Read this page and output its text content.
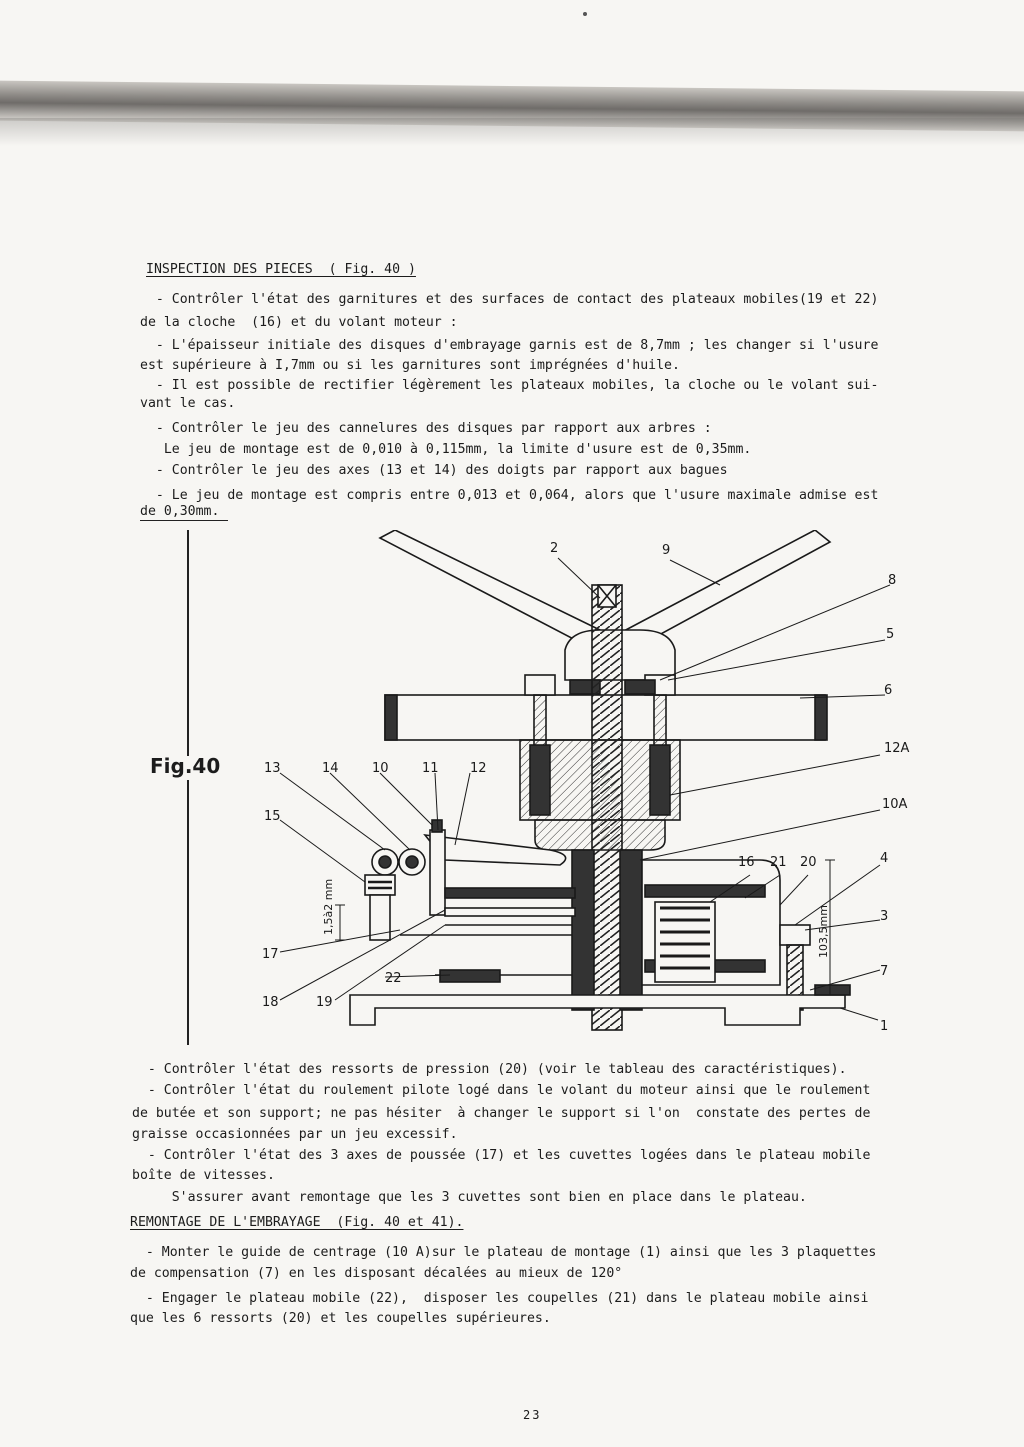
INSPECTION DES PIECES  ( Fig. 40 )
- Contrôler l'état des garnitures et des surfaces de contact des plateaux mobiles(19 et 22)
de la cloche  (16) et du volant moteur :
- L'épaisseur initiale des disques d'embrayage garnis est de 8,7mm ; les changer si l'usure
est supérieure à I,7mm ou si les garnitures sont imprégnées d'huile.
- Il est possible de rectifier légèrement les plateaux mobiles, la cloche ou le volant sui-
vant le cas.
- Contrôler le jeu des cannelures des disques par rapport aux arbres :
Le jeu de montage est de 0,010 à 0,115mm, la limite d'usure est de 0,35mm.
- Contrôler le jeu des axes (13 et 14) des doigts par rapport aux bagues
- Le jeu de montage est compris entre 0,013 et 0,064, alors que l'usure maximale admise est
de 0,30mm.
Fig.40
2	9
8
5
6
12A
10A
13	14	10	11 12
15
16 21 20	4
3
7
1
17
18	19
22
1,5à2 mm	103,5mm
- Contrôler l'état des ressorts de pression (20) (voir le tableau des caractéristiques).
- Contrôler l'état du roulement pilote logé dans le volant du moteur ainsi que le roulement
de butée et son support; ne pas hésiter  à changer le support si l'on  constate des pertes de
graisse occasionnées par un jeu excessif.
- Contrôler l'état des 3 axes de poussée (17) et les cuvettes logées dans le plateau mobile
boîte de vitesses.
S'assurer avant remontage que les 3 cuvettes sont bien en place dans le plateau.
REMONTAGE DE L'EMBRAYAGE  (Fig. 40 et 41).
- Monter le guide de centrage (10 A)sur le plateau de montage (1) ainsi que les 3 plaquettes
de compensation (7) en les disposant décalées au mieux de 120°
- Engager le plateau mobile (22),  disposer les coupelles (21) dans le plateau mobile ainsi
que les 6 ressorts (20) et les coupelles supérieures.
23
